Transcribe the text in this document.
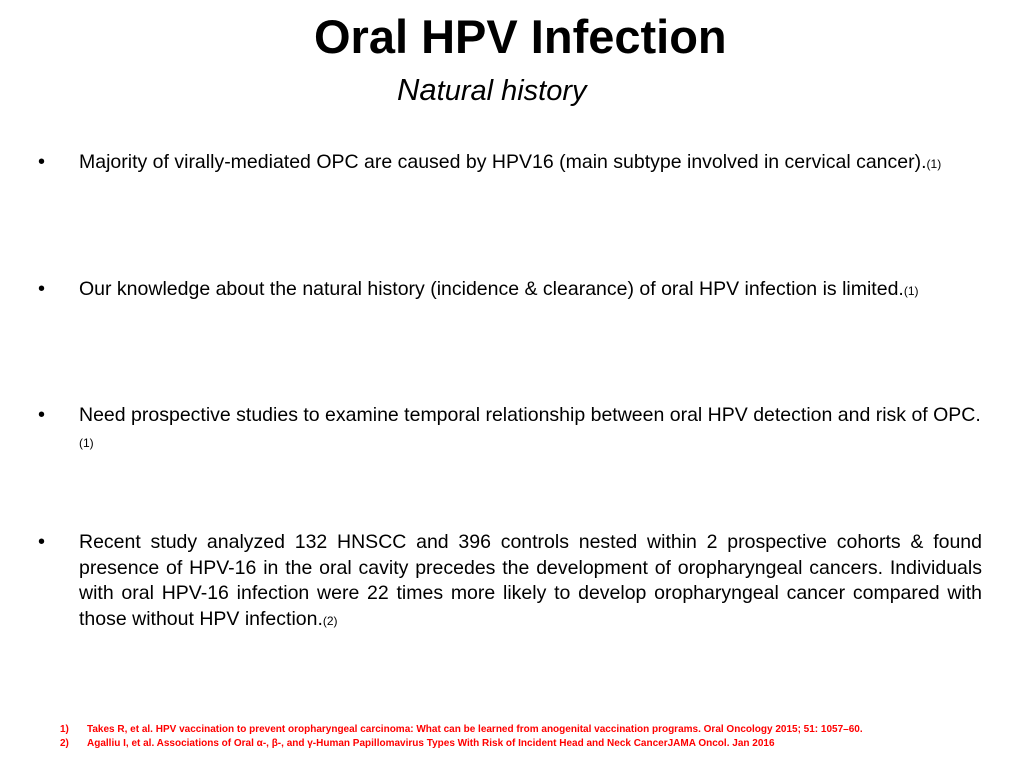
Oral HPV Infection
Natural history
• Majority of virally-mediated OPC are caused by HPV16 (main subtype involved in cervical cancer).(1)
• Our knowledge about the natural history (incidence & clearance) of oral HPV infection is limited.(1)
• Need prospective studies to examine temporal relationship between oral HPV detection and risk of OPC.(1)
• Recent study analyzed 132 HNSCC and 396 controls nested within 2 prospective cohorts & found presence of HPV-16 in the oral cavity precedes the development of oropharyngeal cancers. Individuals with oral HPV-16 infection were 22 times more likely to develop oropharyngeal cancer compared with those without HPV infection.(2)
1) Takes R, et al. HPV vaccination to prevent oropharyngeal carcinoma: What can be learned from anogenital vaccination programs. Oral Oncology 2015; 51: 1057–60.
2) Agalliu I, et al. Associations of Oral α-, β-, and γ-Human Papillomavirus Types With Risk of Incident Head and Neck CancerJAMA Oncol. Jan 2016
